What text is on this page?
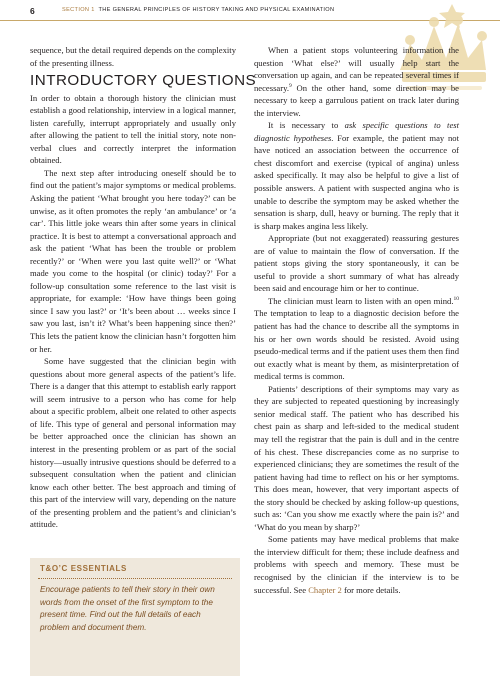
6	SECTION 1 THE GENERAL PRINCIPLES OF HISTORY TAKING AND PHYSICAL EXAMINATION

sequence, but the detail required depends on the complexity of the presenting illness.

INTRODUCTORY QUESTIONS

In order to obtain a thorough history the clinician must establish a good relationship, interview in a logical manner, listen carefully, interrupt appropriately and usually only after allowing the patient to tell the initial story, note non-verbal clues and correctly interpret the information obtained.

The next step after introducing oneself should be to find out the patient’s major symptoms or medical problems. Asking the patient ‘What brought you here today?’ can be unwise, as it often promotes the reply ‘an ambulance’ or ‘a car’. This little joke wears thin after some years in clinical practice. It is best to attempt a conversational approach and ask the patient ‘What has been the trouble or problem recently?’ or ‘When were you last quite well?’ or ‘What made you come to the hospital (or clinic) today?’ For a follow-up consultation some reference to the last visit is appropriate, for example: ‘How have things been going since I saw you last?’ or ‘It’s been about … weeks since I saw you last, isn’t it? What’s been happening since then?’ This lets the patient know the clinician hasn’t forgotten him or her.

Some have suggested that the clinician begin with questions about more general aspects of the patient’s life. There is a danger that this attempt to establish early rapport will seem intrusive to a person who has come for help about a specific problem, albeit one related to other aspects of life. This type of general and personal information may be better approached once the clinician has shown an interest in the presenting problem or as part of the social history—usually intrusive questions should be deferred to a subsequent consultation when the patient and clinician know each other better. The best approach and timing of this part of the interview will vary, depending on the nature of the presenting problem and the patient’s and clinician’s attitude.

T&O’C ESSENTIALS
Encourage patients to tell their story in their own words from the onset of the first symptom to the present time. Find out the full details of each problem and document them.

When a patient stops volunteering information the question ‘What else?’ will usually help start the conversation up again, and can be repeated several times if necessary.$^9$ On the other hand, some direction may be necessary to keep a garrulous patient on track later during the interview.

It is necessary to ask specific questions to test diagnostic hypotheses. For example, the patient may not have noticed an association between the occurrence of chest discomfort and exercise (typical of angina) unless asked specifically. It may also be helpful to give a list of possible answers. A patient with suspected angina who is unable to describe the symptom may be asked whether the sensation is sharp, dull, heavy or burning. The reply that it is sharp makes angina less likely.

Appropriate (but not exaggerated) reassuring gestures are of value to maintain the flow of conversation. If the patient stops giving the story spontaneously, it can be useful to provide a short summary of what has already been said and encourage him or her to continue.

The clinician must learn to listen with an open mind.$^{10}$ The temptation to leap to a diagnostic decision before the patient has had the chance to describe all the symptoms in his or her own words should be resisted. Avoid using pseudo-medical terms and if the patient uses them then find out exactly what is meant by them, as misinterpretation of medical terms is common.

Patients’ descriptions of their symptoms may vary as they are subjected to repeated questioning by increasingly senior medical staff. The patient who has described his chest pain as sharp and left-sided to the medical student may tell the registrar that the pain is dull and in the centre of his chest. These discrepancies come as no surprise to experienced clinicians; they are sometimes the result of the patient having had time to reflect on his or her symptoms. This does mean, however, that very important aspects of the story should be checked by asking follow-up questions, such as: ‘Can you show me exactly where the pain is?’ and ‘What do you mean by sharp?’

Some patients may have medical problems that make the interview difficult for them; these include deafness and problems with speech and memory. These must be recognised by the clinician if the interview is to be successful. See Chapter 2 for more details.
